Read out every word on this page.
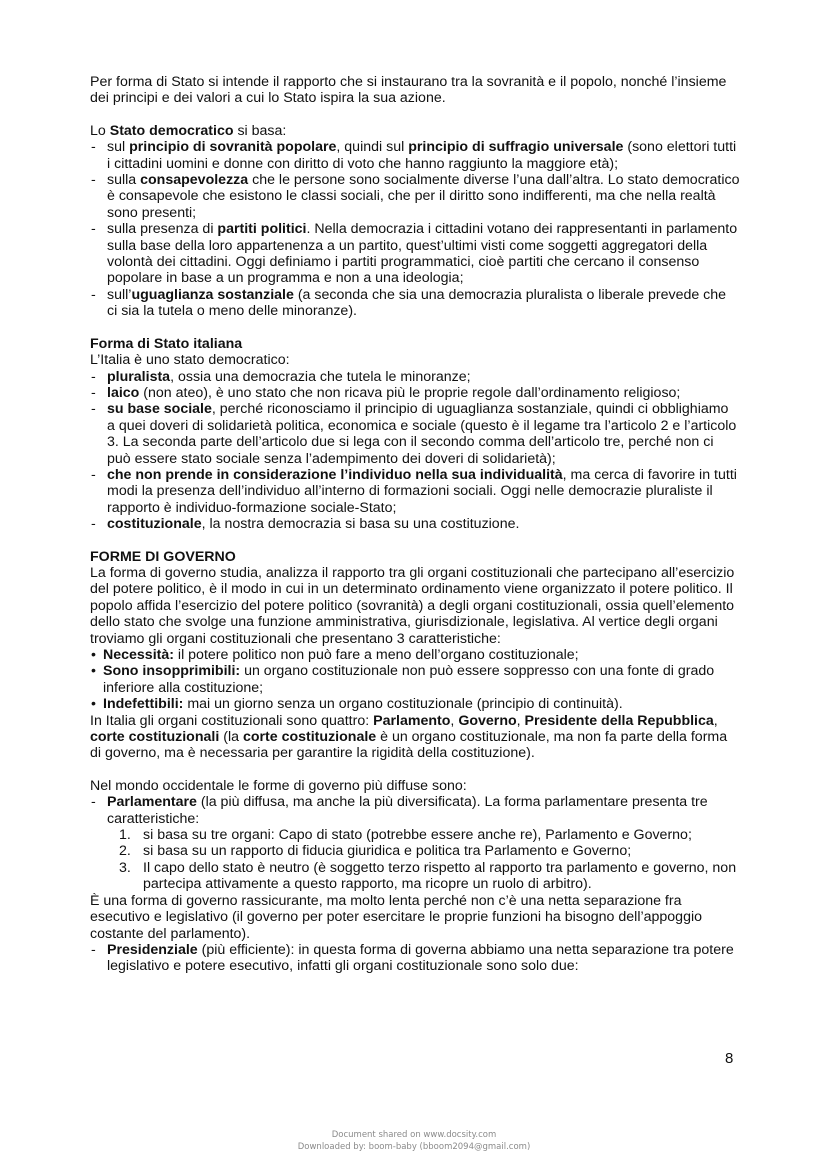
Per forma di Stato si intende il rapporto che si instaurano tra la sovranità e il popolo, nonché l’insieme dei principi e dei valori a cui lo Stato ispira la sua azione.

Lo Stato democratico si basa:

- sul principio di sovranità popolare, quindi sul principio di suffragio universale (sono elettori tutti i cittadini uomini e donne con diritto di voto che hanno raggiunto la maggiore età);
- sulla consapevolezza che le persone sono socialmente diverse l’una dall’altra. Lo stato democratico è consapevole che esistono le classi sociali, che per il diritto sono indifferenti, ma che nella realtà sono presenti;
- sulla presenza di partiti politici. Nella democrazia i cittadini votano dei rappresentanti in parlamento sulla base della loro appartenenza a un partito, quest’ultimi visti come soggetti aggregatori della volontà dei cittadini. Oggi definiamo i partiti programmatici, cioè partiti che cercano il consenso popolare in base a un programma e non a una ideologia;
- sull’uguaglianza sostanziale (a seconda che sia una democrazia pluralista o liberale prevede che ci sia la tutela o meno delle minoranze).

Forma di Stato italiana

L’Italia è uno stato democratico:

- pluralista, ossia una democrazia che tutela le minoranze;
- laico (non ateo), è uno stato che non ricava più le proprie regole dall’ordinamento religioso;
- su base sociale, perché riconosciamo il principio di uguaglianza sostanziale, quindi ci obblighiamo a quei doveri di solidarietà politica, economica e sociale (questo è il legame tra l’articolo 2 e l’articolo 3. La seconda parte dell’articolo due si lega con il secondo comma dell’articolo tre, perché non ci può essere stato sociale senza l’adempimento dei doveri di solidarietà);
- che non prende in considerazione l’individuo nella sua individualità, ma cerca di favorire in tutti modi la presenza dell’individuo all’interno di formazioni sociali. Oggi nelle democrazie pluraliste il rapporto è individuo-formazione sociale-Stato;
- costituzionale, la nostra democrazia si basa su una costituzione.

FORME DI GOVERNO

La forma di governo studia, analizza il rapporto tra gli organi costituzionali che partecipano all’esercizio del potere politico, è il modo in cui in un determinato ordinamento viene organizzato il potere politico. Il popolo affida l’esercizio del potere politico (sovranità) a degli organi costituzionali, ossia quell’elemento dello stato che svolge una funzione amministrativa, giurisdizionale, legislativa. Al vertice degli organi troviamo gli organi costituzionali che presentano 3 caratteristiche:

• Necessità: il potere politico non può fare a meno dell’organo costituzionale;
• Sono insopprimibili: un organo costituzionale non può essere soppresso con una fonte di grado inferiore alla costituzione;
• Indefettibili: mai un giorno senza un organo costituzionale (principio di continuità).

In Italia gli organi costituzionali sono quattro: Parlamento, Governo, Presidente della Repubblica, corte costituzionali (la corte costituzionale è un organo costituzionale, ma non fa parte della forma di governo, ma è necessaria per garantire la rigidità della costituzione).

Nel mondo occidentale le forme di governo più diffuse sono:

- Parlamentare (la più diffusa, ma anche la più diversificata). La forma parlamentare presenta tre caratteristiche:
1. si basa su tre organi: Capo di stato (potrebbe essere anche re), Parlamento e Governo;
2. si basa su un rapporto di fiducia giuridica e politica tra Parlamento e Governo;
3. Il capo dello stato è neutro (è soggetto terzo rispetto al rapporto tra parlamento e governo, non partecipa attivamente a questo rapporto, ma ricopre un ruolo di arbitro).

È una forma di governo rassicurante, ma molto lenta perché non c’è una netta separazione fra esecutivo e legislativo (il governo per poter esercitare le proprie funzioni ha bisogno dell’appoggio costante del parlamento).

- Presidenziale (più efficiente): in questa forma di governa abbiamo una netta separazione tra potere legislativo e potere esecutivo, infatti gli organi costituzionale sono solo due:
8
Document shared on www.docsity.com
Downloaded by: boom-baby (bboom2094@gmail.com)
